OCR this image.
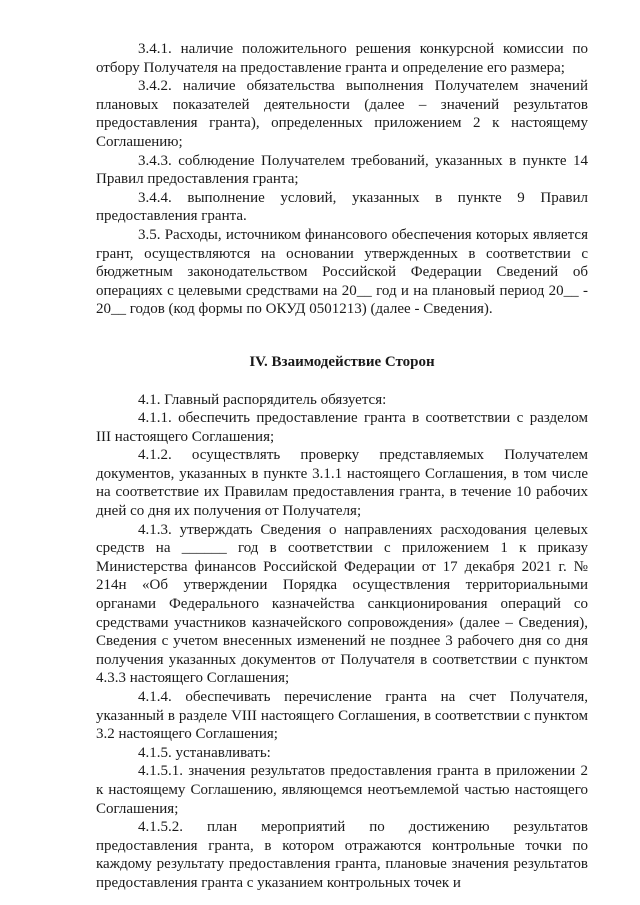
3.4.1. наличие положительного решения конкурсной комиссии по отбору Получателя на предоставление гранта и определение его размера;

3.4.2. наличие обязательства выполнения Получателем значений плановых показателей деятельности (далее – значений результатов предоставления гранта), определенных приложением 2 к настоящему Соглашению;

3.4.3. соблюдение Получателем требований, указанных в пункте 14 Правил предоставления гранта;

3.4.4. выполнение условий, указанных в пункте 9 Правил предоставления гранта.

3.5. Расходы, источником финансового обеспечения которых является грант, осуществляются на основании утвержденных в соответствии с бюджетным законодательством Российской Федерации Сведений об операциях с целевыми средствами на 20__ год и на плановый период 20__ - 20__ годов (код формы по ОКУД 0501213) (далее - Сведения).

IV. Взаимодействие Сторон

4.1. Главный распорядитель обязуется:

4.1.1. обеспечить предоставление гранта в соответствии с разделом III настоящего Соглашения;

4.1.2. осуществлять проверку представляемых Получателем документов, указанных в пункте 3.1.1 настоящего Соглашения, в том числе на соответствие их Правилам предоставления гранта, в течение 10 рабочих дней со дня их получения от Получателя;

4.1.3. утверждать Сведения о направлениях расходования целевых средств на ______ год в соответствии с приложением 1 к приказу Министерства финансов Российской Федерации от 17 декабря 2021 г. № 214н «Об утверждении Порядка осуществления территориальными органами Федерального казначейства санкционирования операций со средствами участников казначейского сопровождения» (далее – Сведения), Сведения с учетом внесенных изменений не позднее 3 рабочего дня со дня получения указанных документов от Получателя в соответствии с пунктом 4.3.3 настоящего Соглашения;

4.1.4. обеспечивать перечисление гранта на счет Получателя, указанный в разделе VIII настоящего Соглашения, в соответствии с пунктом 3.2 настоящего Соглашения;

4.1.5. устанавливать:

4.1.5.1. значения результатов предоставления гранта в приложении 2 к настоящему Соглашению, являющемся неотъемлемой частью настоящего Соглашения;

4.1.5.2. план мероприятий по достижению результатов предоставления гранта, в котором отражаются контрольные точки по каждому результату предоставления гранта, плановые значения результатов предоставления гранта с указанием контрольных точек и
